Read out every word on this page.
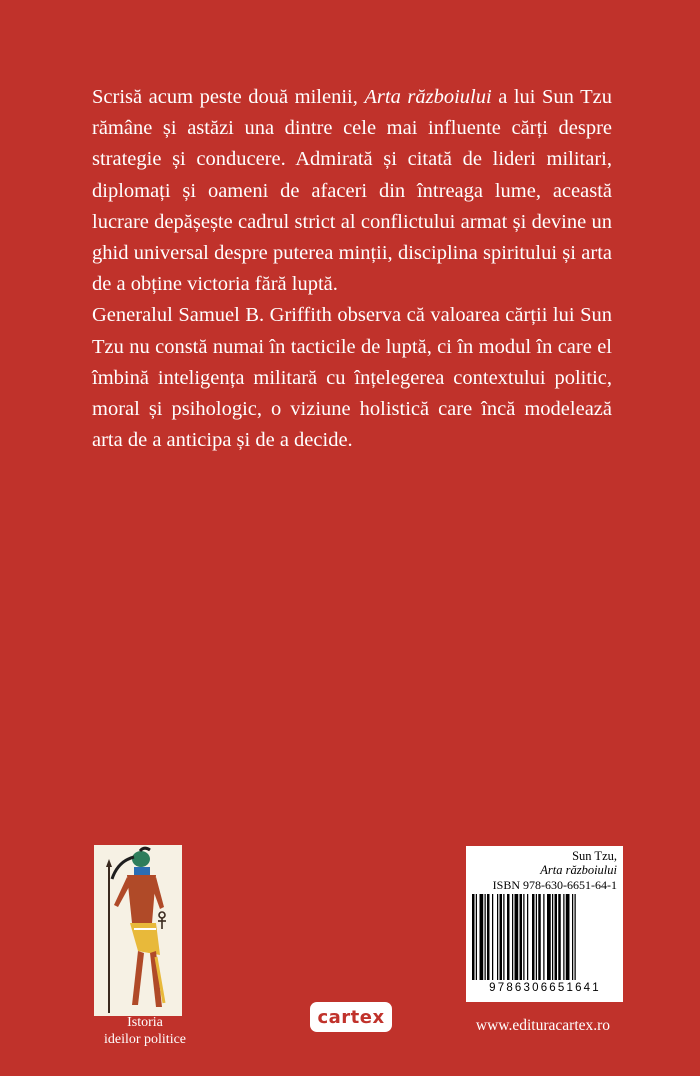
Scrisă acum peste două milenii, Arta războiului a lui Sun Tzu rămâne și astăzi una dintre cele mai influente cărți despre strategie și conducere. Admirată și citată de lideri militari, diplomați și oameni de afaceri din întreaga lume, această lucrare depășește cadrul strict al conflictului armat și devine un ghid universal despre puterea minții, disciplina spiritului și arta de a obține victoria fără luptă.

Generalul Samuel B. Griffith observa că valoarea cărții lui Sun Tzu nu constă numai în tacticile de luptă, ci în modul în care el îmbină inteligența militară cu înțelegerea contextului politic, moral și psihologic, o viziune holistică care încă modelează arta de a anticipa și de a decide.

Istoria
ideilor politice
cartex
Sun Tzu,
Arta războiului
ISBN 978-630-6651-64-1
9786306651641
www.edituracartex.ro
